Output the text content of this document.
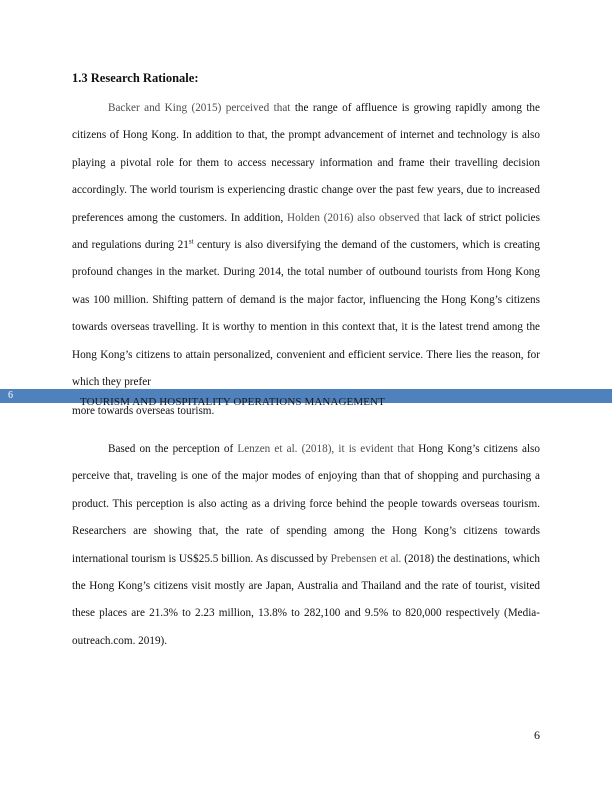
1.3 Research Rationale:

Backer and King (2015) perceived that the range of affluence is growing rapidly among the citizens of Hong Kong. In addition to that, the prompt advancement of internet and technology is also playing a pivotal role for them to access necessary information and frame their travelling decision accordingly. The world tourism is experiencing drastic change over the past few years, due to increased preferences among the customers. In addition, Holden (2016) also observed that lack of strict policies and regulations during 21st century is also diversifying the demand of the customers, which is creating profound changes in the market. During 2014, the total number of outbound tourists from Hong Kong was 100 million. Shifting pattern of demand is the major factor, influencing the Hong Kong’s citizens towards overseas travelling. It is worthy to mention in this context that, it is the latest trend among the Hong Kong’s citizens to attain personalized, convenient and efficient service. There lies the reason, for which they prefer

6
TOURISM AND HOSPITALITY OPERATIONS MANAGEMENT
more towards overseas tourism.

Based on the perception of Lenzen et al. (2018), it is evident that Hong Kong’s citizens also perceive that, traveling is one of the major modes of enjoying than that of shopping and purchasing a product. This perception is also acting as a driving force behind the people towards overseas tourism. Researchers are showing that, the rate of spending among the Hong Kong’s citizens towards international tourism is US$25.5 billion. As discussed by Prebensen et al. (2018) the destinations, which the Hong Kong’s citizens visit mostly are Japan, Australia and Thailand and the rate of tourist, visited these places are 21.3% to 2.23 million, 13.8% to 282,100 and 9.5% to 820,000 respectively (Media-outreach.com. 2019).

6
